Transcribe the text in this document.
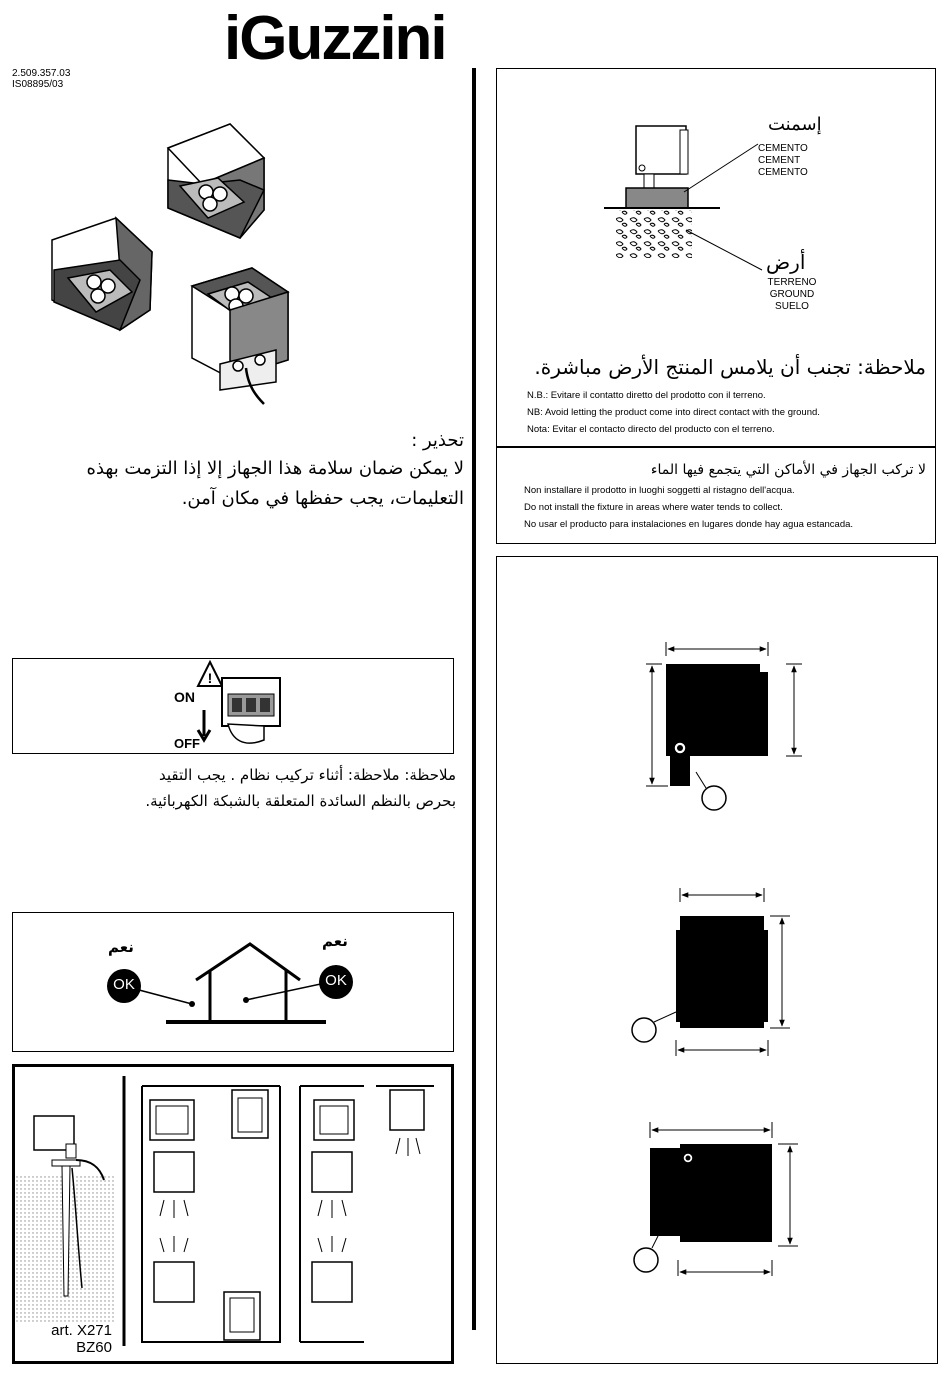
iGuzzini
2.509.357.03
IS08895/03
تحذير :
لا يمكن ضمان سلامة هذا الجهاز إلا إذا التزمت بهذه
التعليمات، يجب حفظها في مكان آمن.
!
ON
OFF
ملاحظة: ملاحظة: أثناء تركيب نظام . يجب التقيد
بحرص بالنظم السائدة المتعلقة بالشبكة الكهربائية.
OK	OK
نعم	نعم
art. X271
BZ60
إسمنت
CEMENTO
CEMENT
CEMENTO
أرض
TERRENO
GROUND
SUELO
ملاحظة: تجنب أن يلامس المنتج الأرض مباشرة.
N.B.: Evitare il contatto diretto del prodotto con il terreno.
NB: Avoid letting the product come into direct contact with the ground.
Nota: Evitar el contacto directo del producto con el terreno.
لا تركب الجهاز في الأماكن التي يتجمع فيها الماء
Non installare il prodotto in luoghi soggetti al ristagno dell'acqua.
Do not install the fixture in areas where water tends to collect.
No usar el producto para instalaciones en lugares donde hay agua estancada.
